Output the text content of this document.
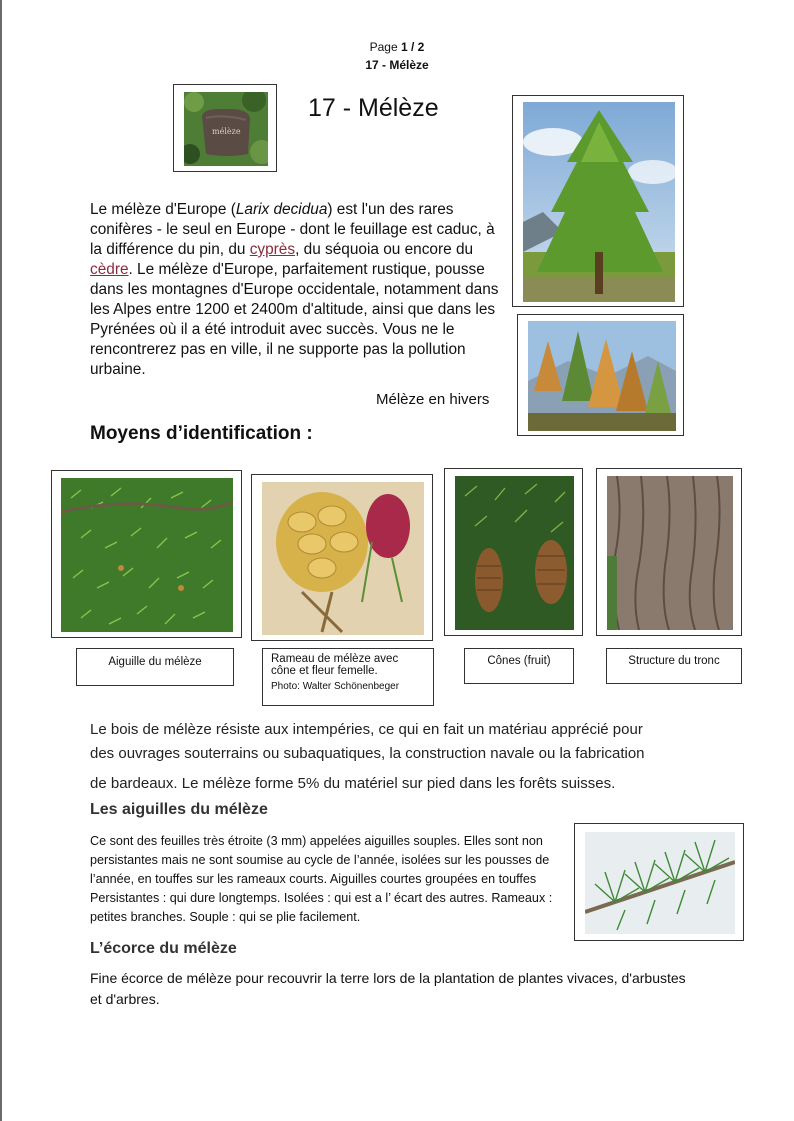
Page 1 / 2
17 - Mélèze
mélèze
17 - Mélèze
Le mélèze d'Europe (Larix decidua) est l'un des rares conifères - le seul en Europe - dont le feuillage est caduc, à la différence du pin, du cyprès, du séquoia ou encore du cèdre. Le mélèze d'Europe, parfaitement rustique, pousse dans les montagnes d'Europe occidentale, notamment dans les Alpes entre 1200 et 2400m d'altitude, ainsi que dans les Pyrénées où il a été introduit avec succès. Vous ne le rencontrerez pas en ville, il ne supporte pas la pollution urbaine.
Mélèze en hivers
Moyens d’identification :
Aiguille du mélèze	Rameau de mélèze avec
cône et fleur femelle.
Photo: Walter Schönenbeger
Cônes (fruit)	Structure du tronc
Le bois de mélèze résiste aux intempéries, ce qui en fait un matériau apprécié pour
des ouvrages souterrains ou subaquatiques, la construction navale ou la fabrication
de bardeaux. Le mélèze forme 5% du matériel sur pied dans les forêts suisses.
Les aiguilles du mélèze
Ce sont des feuilles très étroite (3 mm) appelées aiguilles souples. Elles sont non persistantes mais ne sont soumise au cycle de l’année, isolées sur les pousses de l’année, en touffes sur les rameaux courts. Aiguilles courtes groupées en touffes Persistantes : qui dure longtemps. Isolées : qui est a l’ écart des autres. Rameaux : petites branches. Souple : qui se plie facilement.
L’écorce du mélèze
Fine écorce de mélèze pour recouvrir la terre lors de la plantation de plantes vivaces, d'arbustes et d'arbres.
